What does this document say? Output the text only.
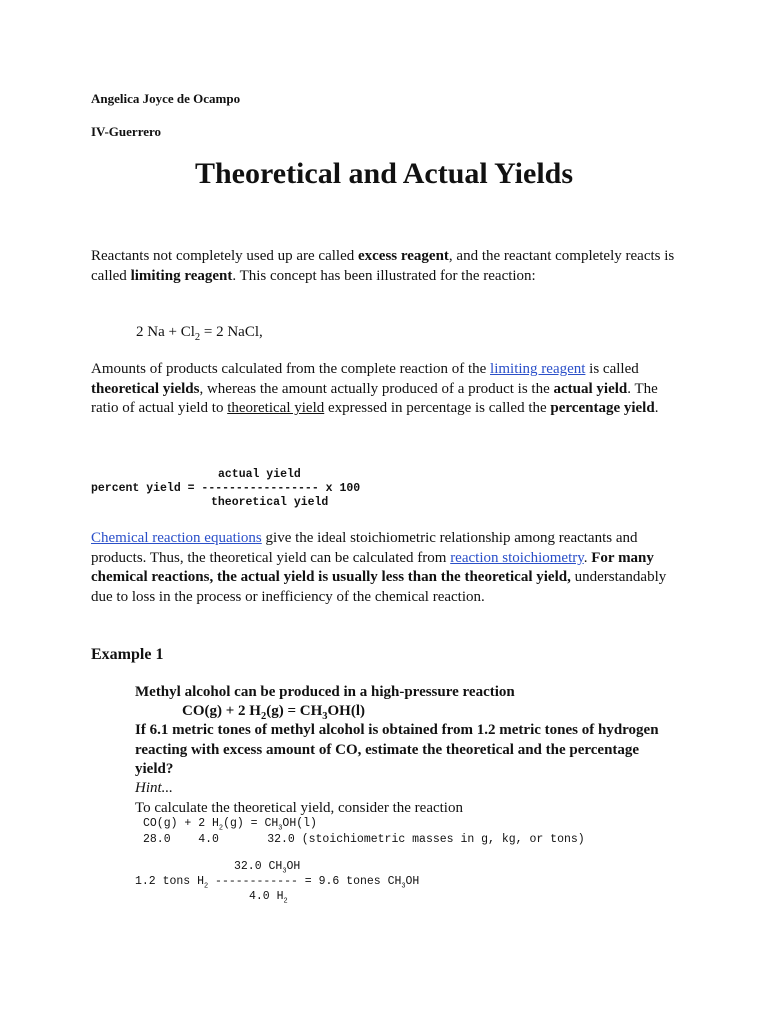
Angelica Joyce de Ocampo
IV-Guerrero
Theoretical and Actual Yields
Reactants not completely used up are called excess reagent, and the reactant completely reacts is called limiting reagent. This concept has been illustrated for the reaction:
2 $Na + Cl_2 = 2$ NaCl,
Amounts of products calculated from the complete reaction of the limiting reagent is called theoretical yields, whereas the amount actually produced of a product is the actual yield. The ratio of actual yield to theoretical yield expressed in percentage is called the percentage yield.
actual yield
percent yield = ----------------- x 100
theoretical yield
Chemical reaction equations give the ideal stoichiometric relationship among reactants and products. Thus, the theoretical yield can be calculated from reaction stoichiometry. For many chemical reactions, the actual yield is usually less than the theoretical yield, understandably due to loss in the process or inefficiency of the chemical reaction.
Example 1
Methyl alcohol can be produced in a high-pressure reaction
CO(g) + 2 $H_2(g) = CH_3OH(l)$
If 6.1 metric tones of methyl alcohol is obtained from 1.2 metric tones of hydrogen reacting with excess amount of CO, estimate the theoretical and the percentage yield?
Hint...
To calculate the theoretical yield, consider the reaction
CO(g) + 2 $H_2(g) = CH_3OH(l)$
28.0    4.0       32.0 (stoichiometric masses in g, kg, or tons)
32.0 $CH_3OH$
1.2 tons $H_2$ ------------ = 9.6 tones $CH_3OH$
4.0 $H_2$
